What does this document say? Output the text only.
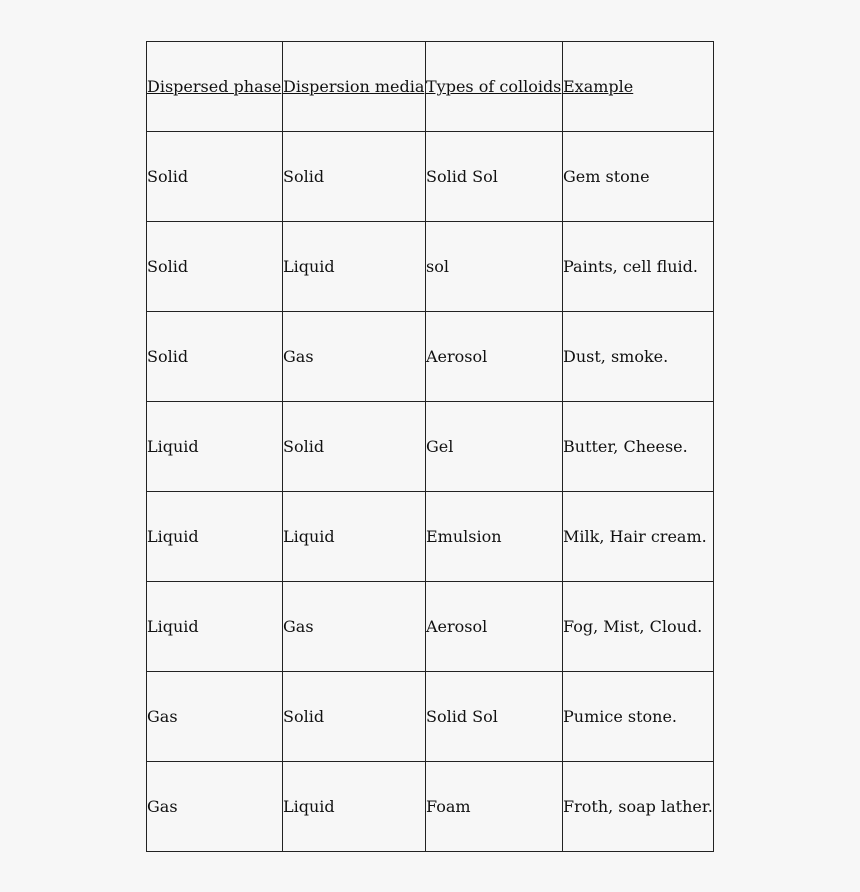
Dispersed phase	Dispersion media	Types of colloids	Example
Solid	Solid	Solid Sol	Gem stone
Solid	Liquid	sol	Paints, cell fluid.
Solid	Gas	Aerosol	Dust, smoke.
Liquid	Solid	Gel	Butter, Cheese.
Liquid	Liquid	Emulsion	Milk, Hair cream.
Liquid	Gas	Aerosol	Fog, Mist, Cloud.
Gas	Solid	Solid Sol	Pumice stone.
Gas	Liquid	Foam	Froth, soap lather.
